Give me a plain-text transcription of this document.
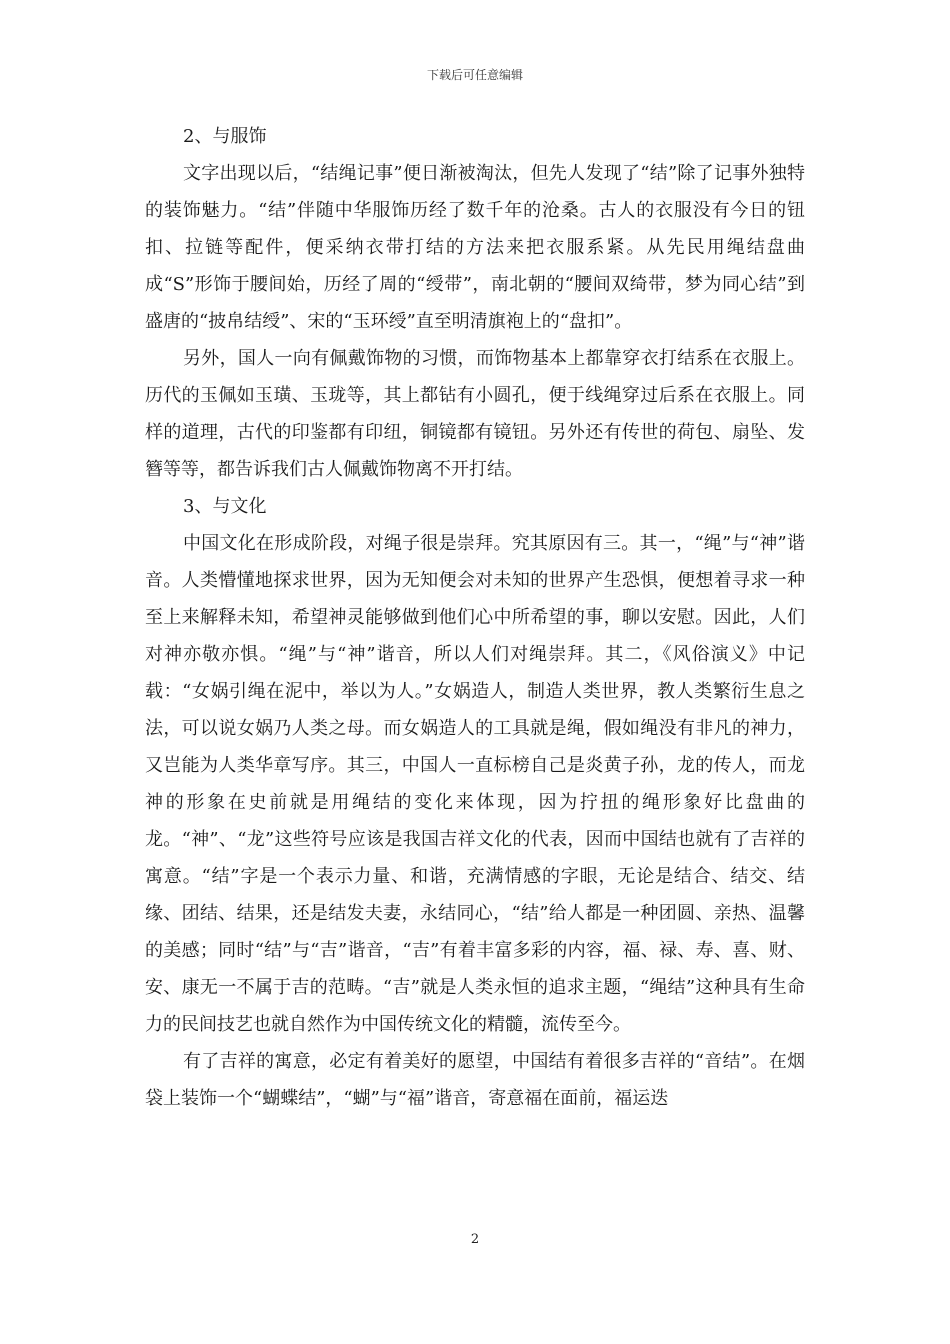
下载后可任意编辑

2、与服饰

文字出现以后，“结绳记事”便日渐被淘汰，但先人发现了“结”除了记事外独特的装饰魅力。“结”伴随中华服饰历经了数千年的沧桑。古人的衣服没有今日的钮扣、拉链等配件，便采纳衣带打结的方法来把衣服系紧。从先民用绳结盘曲成“S”形饰于腰间始，历经了周的“绶带”，南北朝的“腰间双绮带，梦为同心结”到盛唐的“披帛结绶”、宋的“玉环绶”直至明清旗袍上的“盘扣”。

另外，国人一向有佩戴饰物的习惯，而饰物基本上都靠穿衣打结系在衣服上。历代的玉佩如玉璜、玉珑等，其上都钻有小圆孔，便于线绳穿过后系在衣服上。同样的道理，古代的印鉴都有印纽，铜镜都有镜钮。另外还有传世的荷包、扇坠、发簪等等，都告诉我们古人佩戴饰物离不开打结。

3、与文化

中国文化在形成阶段，对绳子很是崇拜。究其原因有三。其一，“绳”与“神”谐音。人类懵懂地探求世界，因为无知便会对未知的世界产生恐惧，便想着寻求一种至上来解释未知，希望神灵能够做到他们心中所希望的事，聊以安慰。因此，人们对神亦敬亦惧。“绳”与“神”谐音，所以人们对绳崇拜。其二，《风俗演义》中记载：“女娲引绳在泥中，举以为人。”女娲造人，制造人类世界，教人类繁衍生息之法，可以说女娲乃人类之母。而女娲造人的工具就是绳，假如绳没有非凡的神力，又岂能为人类华章写序。其三，中国人一直标榜自己是炎黄子孙，龙的传人，而龙神的形象在史前就是用绳结的变化来体现，因为拧扭的绳形象好比盘曲的龙。“神”、“龙”这些符号应该是我国吉祥文化的代表，因而中国结也就有了吉祥的寓意。“结”字是一个表示力量、和谐，充满情感的字眼，无论是结合、结交、结缘、团结、结果，还是结发夫妻，永结同心，“结”给人都是一种团圆、亲热、温馨的美感；同时“结”与“吉”谐音，“吉”有着丰富多彩的内容，福、禄、寿、喜、财、安、康无一不属于吉的范畴。“吉”就是人类永恒的追求主题，“绳结”这种具有生命力的民间技艺也就自然作为中国传统文化的精髓，流传至今。

有了吉祥的寓意，必定有着美好的愿望，中国结有着很多吉祥的“音结”。在烟袋上装饰一个“蝴蝶结”，“蝴”与“福”谐音，寄意福在面前，福运迭

2
